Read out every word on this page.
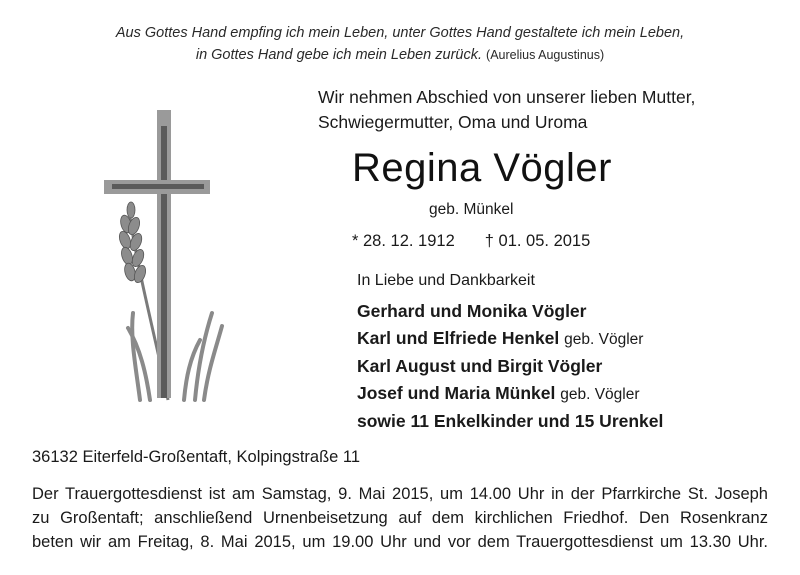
Aus Gottes Hand empfing ich mein Leben, unter Gottes Hand gestaltete ich mein Leben,
in Gottes Hand gebe ich mein Leben zurück. (Aurelius Augustinus)
Wir nehmen Abschied von unserer lieben Mutter,
Schwiegermutter, Oma und Uroma
Regina Vögler
geb. Münkel
* 28. 12. 1912 † 01. 05. 2015
In Liebe und Dankbarkeit
Gerhard und Monika Vögler
Karl und Elfriede Henkel geb. Vögler
Karl August und Birgit Vögler
Josef und Maria Münkel geb. Vögler
sowie 11 Enkelkinder und 15 Urenkel
36132 Eiterfeld-Großentaft, Kolpingstraße 11
Der Trauergottesdienst ist am Samstag, 9. Mai 2015, um 14.00 Uhr in der Pfarrkirche St. Joseph
zu Großentaft; anschließend Urnenbeisetzung auf dem kirchlichen Friedhof. Den Rosenkranz
beten wir am Freitag, 8. Mai 2015, um 19.00 Uhr und vor dem Trauergottesdienst um 13.30 Uhr.
